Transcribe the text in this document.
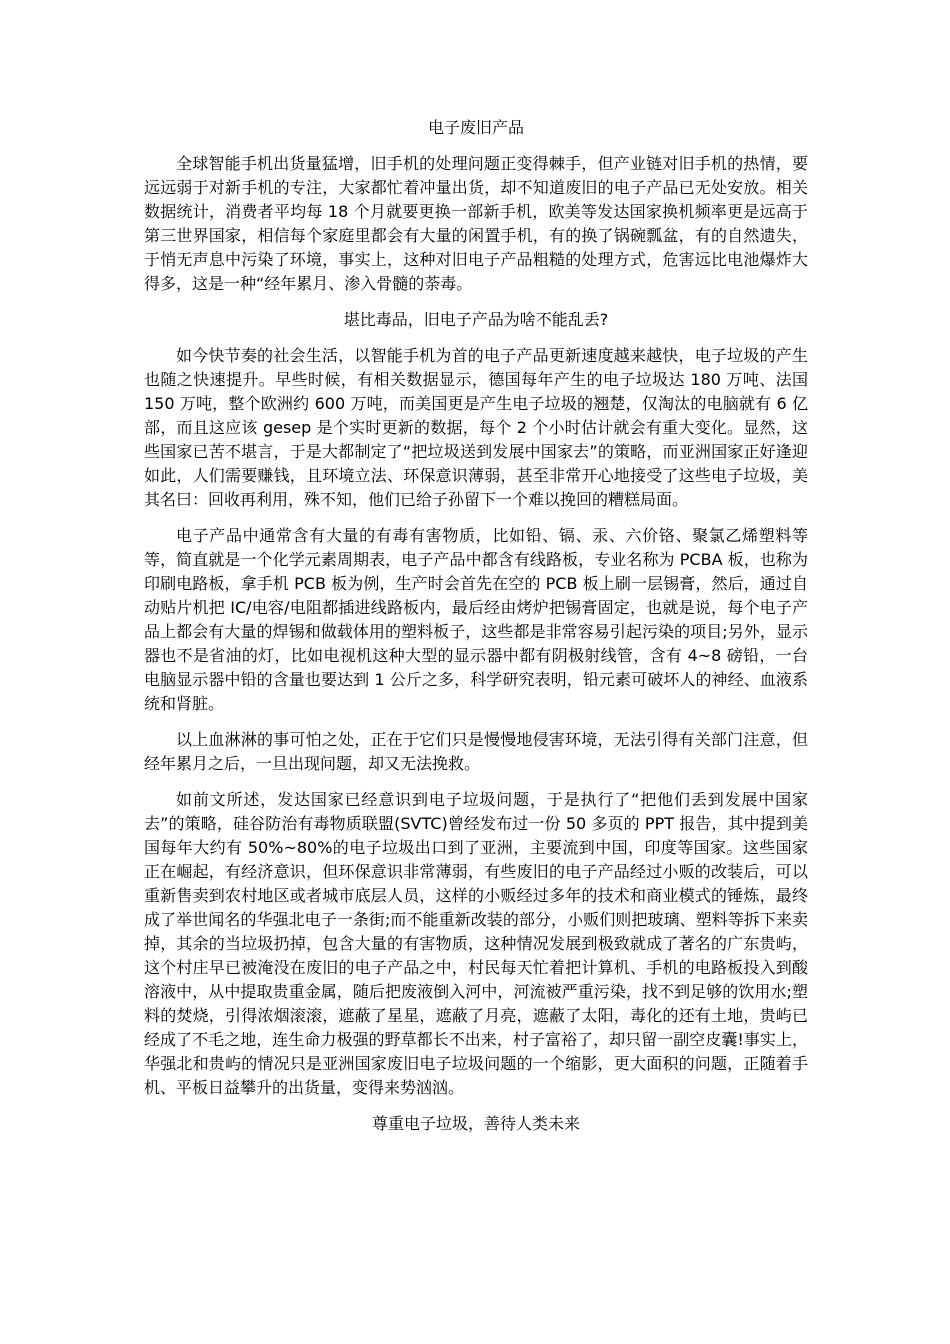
电子废旧产品

全球智能手机出货量猛增，旧手机的处理问题正变得棘手，但产业链对旧手机的热情，要远远弱于对新手机的专注，大家都忙着冲量出货，却不知道废旧的电子产品已无处安放。相关数据统计，消费者平均每 18 个月就要更换一部新手机，欧美等发达国家换机频率更是远高于第三世界国家，相信每个家庭里都会有大量的闲置手机，有的换了锅碗瓢盆，有的自然遗失，于悄无声息中污染了环境，事实上，这种对旧电子产品粗糙的处理方式，危害远比电池爆炸大得多，这是一种“经年累月、渗入骨髓的荼毒。

堪比毒品，旧电子产品为啥不能乱丢?

如今快节奏的社会生活，以智能手机为首的电子产品更新速度越来越快，电子垃圾的产生也随之快速提升。早些时候，有相关数据显示，德国每年产生的电子垃圾达 180 万吨、法国 150 万吨，整个欧洲约 600 万吨，而美国更是产生电子垃圾的翘楚，仅淘汰的电脑就有 6 亿部，而且这应该 gesep 是个实时更新的数据，每个 2 个小时估计就会有重大变化。显然，这些国家已苦不堪言，于是大都制定了“把垃圾送到发展中国家去”的策略，而亚洲国家正好逢迎如此，人们需要赚钱，且环境立法、环保意识薄弱，甚至非常开心地接受了这些电子垃圾，美其名曰：回收再利用，殊不知，他们已给子孙留下一个难以挽回的糟糕局面。

电子产品中通常含有大量的有毒有害物质，比如铅、镉、汞、六价铬、聚氯乙烯塑料等等，简直就是一个化学元素周期表，电子产品中都含有线路板，专业名称为 PCBA 板，也称为印刷电路板，拿手机 PCB 板为例，生产时会首先在空的 PCB 板上刷一层锡膏，然后，通过自动贴片机把 IC/电容/电阻都插进线路板内，最后经由烤炉把锡膏固定，也就是说，每个电子产品上都会有大量的焊锡和做载体用的塑料板子，这些都是非常容易引起污染的项目;另外，显示器也不是省油的灯，比如电视机这种大型的显示器中都有阴极射线管，含有 4~8 磅铅，一台电脑显示器中铅的含量也要达到 1 公斤之多，科学研究表明，铅元素可破坏人的神经、血液系统和肾脏。

以上血淋淋的事可怕之处，正在于它们只是慢慢地侵害环境，无法引得有关部门注意，但经年累月之后，一旦出现问题，却又无法挽救。

如前文所述，发达国家已经意识到电子垃圾问题，于是执行了“把他们丢到发展中国家去”的策略，硅谷防治有毒物质联盟(SVTC)曾经发布过一份 50 多页的 PPT 报告，其中提到美国每年大约有 50%~80%的电子垃圾出口到了亚洲，主要流到中国，印度等国家。这些国家正在崛起，有经济意识，但环保意识非常薄弱，有些废旧的电子产品经过小贩的改装后，可以重新售卖到农村地区或者城市底层人员，这样的小贩经过多年的技术和商业模式的锤炼，最终成了举世闻名的华强北电子一条街;而不能重新改装的部分，小贩们则把玻璃、塑料等拆下来卖掉，其余的当垃圾扔掉，包含大量的有害物质，这种情况发展到极致就成了著名的广东贵屿，这个村庄早已被淹没在废旧的电子产品之中，村民每天忙着把计算机、手机的电路板投入到酸溶液中，从中提取贵重金属，随后把废液倒入河中，河流被严重污染，找不到足够的饮用水;塑料的焚烧，引得浓烟滚滚，遮蔽了星星，遮蔽了月亮，遮蔽了太阳，毒化的还有土地，贵屿已经成了不毛之地，连生命力极强的野草都长不出来，村子富裕了，却只留一副空皮囊!事实上，华强北和贵屿的情况只是亚洲国家废旧电子垃圾问题的一个缩影，更大面积的问题，正随着手机、平板日益攀升的出货量，变得来势汹汹。

尊重电子垃圾，善待人类未来
